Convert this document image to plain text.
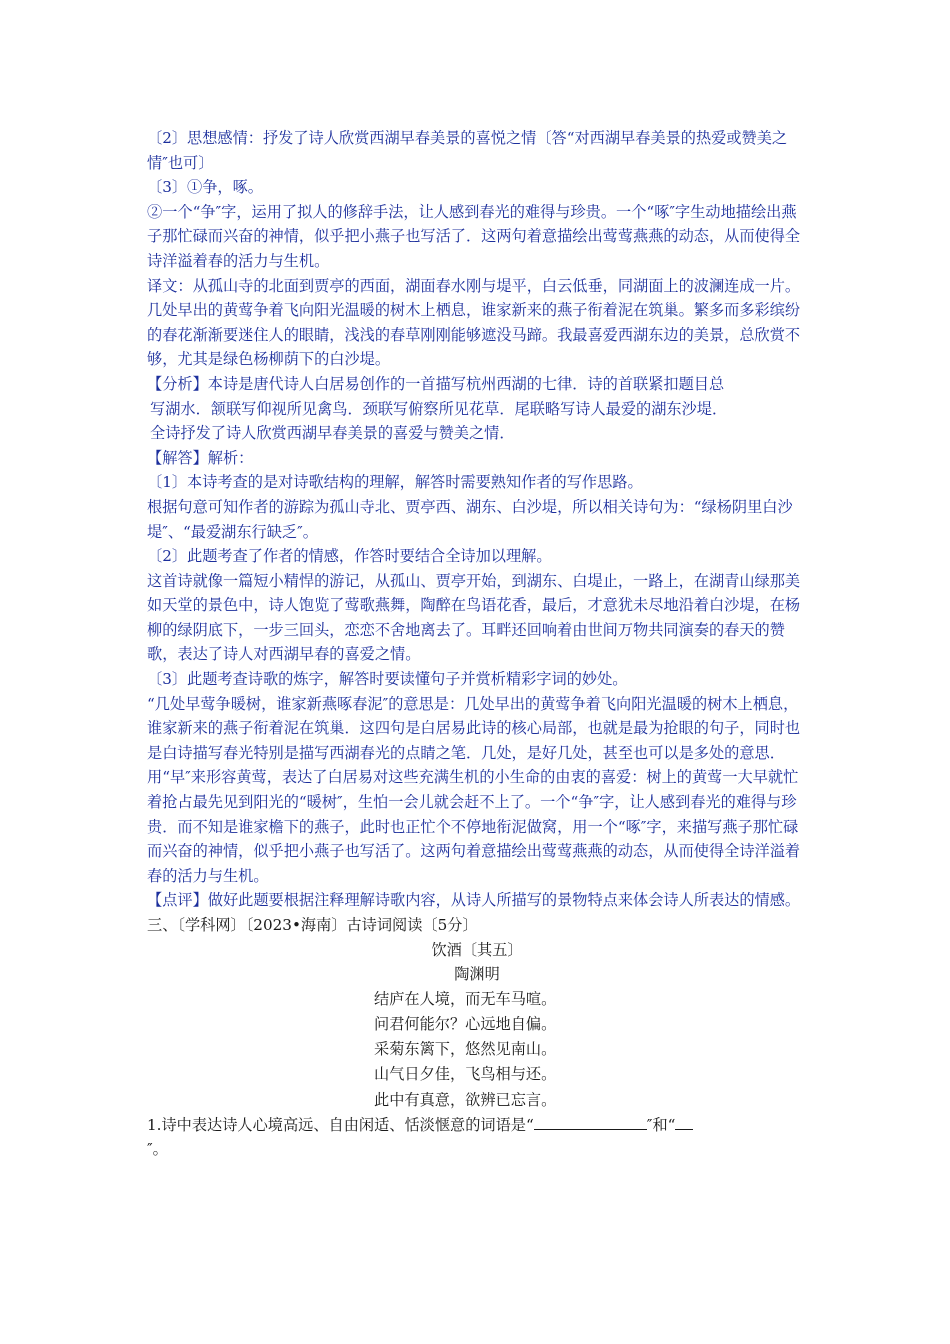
〔2〕思想感情：抒发了诗人欣赏西湖早春美景的喜悦之情〔答“对西湖早春美景的热爱或赞美之情″也可〕

〔3〕①争，啄。

②一个“争″字，运用了拟人的修辞手法，让人感到春光的难得与珍贵。一个“啄″字生动地描绘出燕子那忙碌而兴奋的神情，似乎把小燕子也写活了．这两句着意描绘出莺莺燕燕的动态，从而使得全诗洋溢着春的活力与生机。

译文：从孤山寺的北面到贾亭的西面，湖面春水刚与堤平，白云低垂，同湖面上的波澜连成一片。几处早出的黄莺争着飞向阳光温暖的树木上栖息，谁家新来的燕子衔着泥在筑巢。繁多而多彩缤纷的春花渐渐要迷住人的眼睛，浅浅的春草刚刚能够遮没马蹄。我最喜爱西湖东边的美景，总欣赏不够，尤其是绿色杨柳荫下的白沙堤。

【分析】本诗是唐代诗人白居易创作的一首描写杭州西湖的七律．诗的首联紧扣题目总

写湖水．颔联写仰视所见禽鸟．颈联写俯察所见花草．尾联略写诗人最爱的湖东沙堤．

全诗抒发了诗人欣赏西湖早春美景的喜爱与赞美之情．

【解答】解析：

〔1〕本诗考查的是对诗歌结构的理解，解答时需要熟知作者的写作思路。

根据句意可知作者的游踪为孤山寺北、贾亭西、湖东、白沙堤，所以相关诗句为：“绿杨阴里白沙堤″、“最爱湖东行缺乏″。

〔2〕此题考查了作者的情感，作答时要结合全诗加以理解。

这首诗就像一篇短小精悍的游记，从孤山、贾亭开始，到湖东、白堤止，一路上，在湖青山绿那美如天堂的景色中，诗人饱览了莺歌燕舞，陶醉在鸟语花香，最后，才意犹未尽地沿着白沙堤，在杨柳的绿阴底下，一步三回头，恋恋不舍地离去了。耳畔还回响着由世间万物共同演奏的春天的赞歌，表达了诗人对西湖早春的喜爱之情。

〔3〕此题考查诗歌的炼字，解答时要读懂句子并赏析精彩字词的妙处。

“几处早莺争暖树，谁家新燕啄春泥″的意思是：几处早出的黄莺争着飞向阳光温暖的树木上栖息，谁家新来的燕子衔着泥在筑巢．这四句是白居易此诗的核心局部，也就是最为抢眼的句子，同时也是白诗描写春光特别是描写西湖春光的点睛之笔．几处，是好几处，甚至也可以是多处的意思．用“早″来形容黄莺，表达了白居易对这些充满生机的小生命的由衷的喜爱：树上的黄莺一大早就忙着抢占最先见到阳光的“暖树″，生怕一会儿就会赶不上了。一个“争″字，让人感到春光的难得与珍贵．而不知是谁家檐下的燕子，此时也正忙个不停地衔泥做窝，用一个“啄″字，来描写燕子那忙碌而兴奋的神情，似乎把小燕子也写活了。这两句着意描绘出莺莺燕燕的动态，从而使得全诗洋溢着春的活力与生机。

【点评】做好此题要根据注释理解诗歌内容，从诗人所描写的景物特点来体会诗人所表达的情感。

三、〔学科网〕〔2023•海南〕古诗词阅读〔5分〕

饮酒〔其五〕

陶渊明

结庐在人境，而无车马喧。

问君何能尔？心远地自偏。

采菊东篱下，悠然见南山。

山气日夕佳，飞鸟相与还。

此中有真意，欲辨已忘言。

1.诗中表达诗人心境高远、自由闲适、恬淡惬意的词语是“	″和“
″。
